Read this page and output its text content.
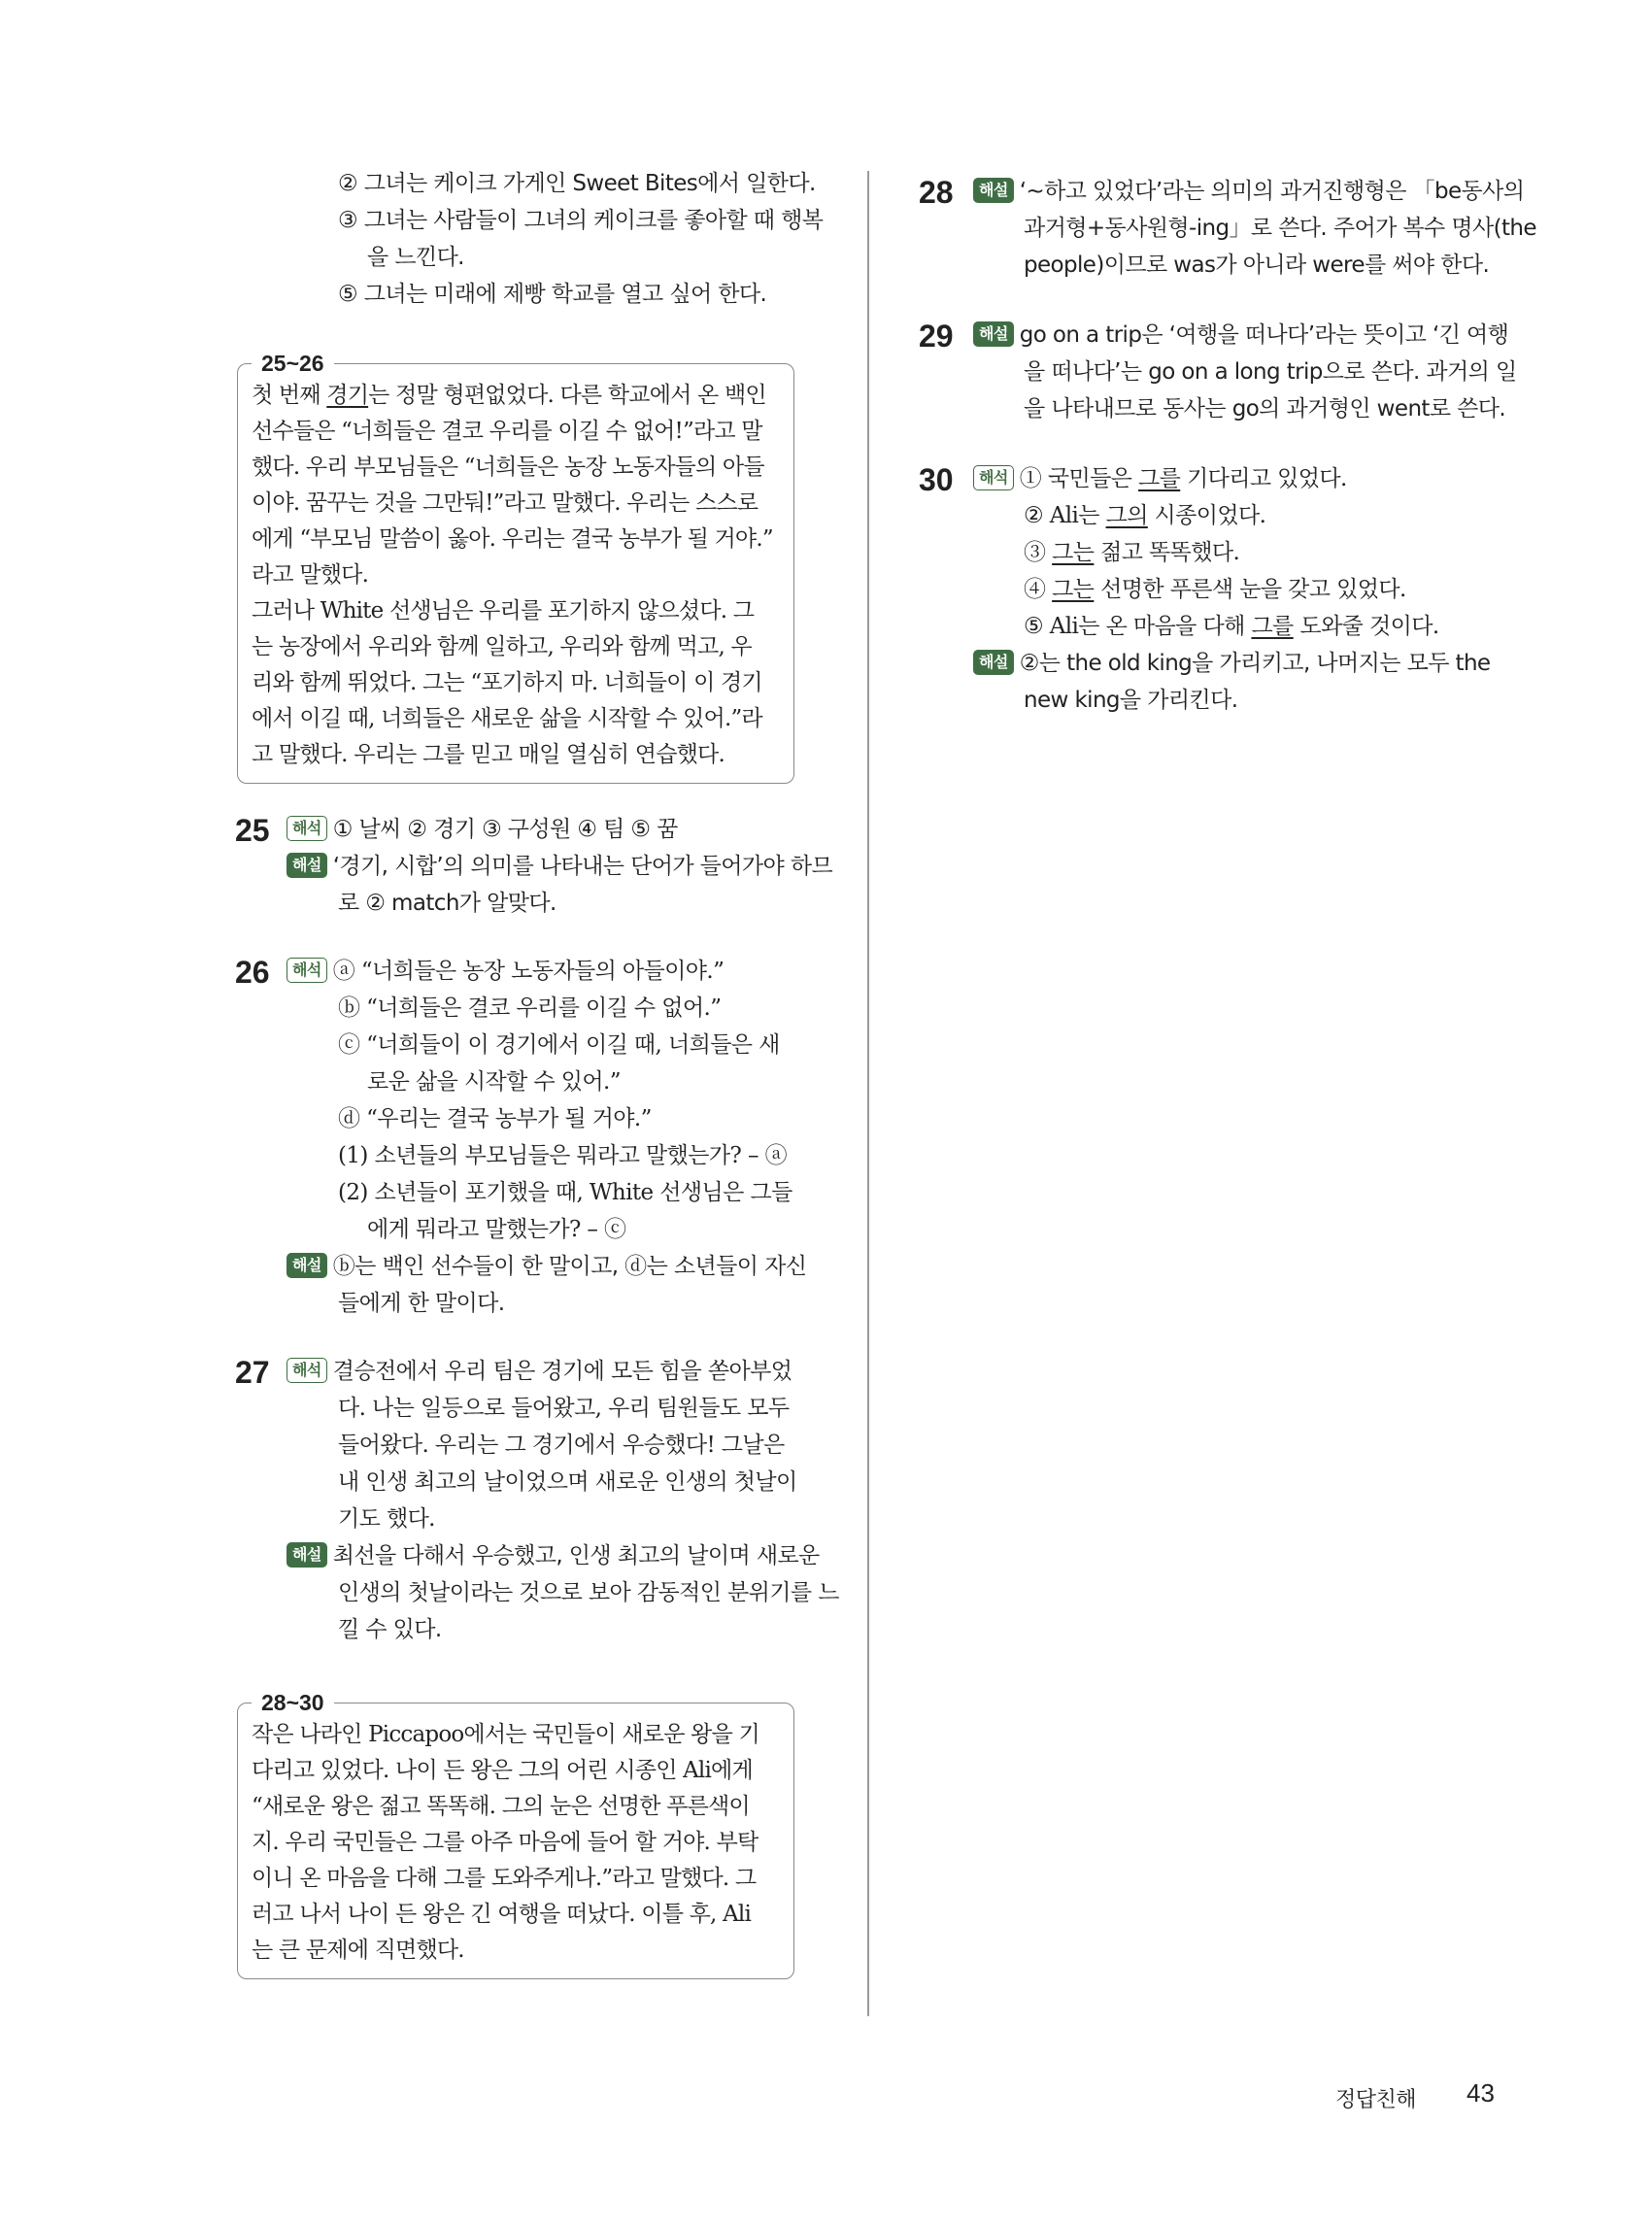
② 그녀는 케이크 가게인 Sweet Bites에서 일한다.
③ 그녀는 사람들이 그녀의 케이크를 좋아할 때 행복
을 느낀다.
⑤ 그녀는 미래에 제빵 학교를 열고 싶어 한다.
25~26
첫 번째 경기는 정말 형편없었다. 다른 학교에서 온 백인
선수들은 “너희들은 결코 우리를 이길 수 없어!”라고 말
했다. 우리 부모님들은 “너희들은 농장 노동자들의 아들
이야. 꿈꾸는 것을 그만둬!”라고 말했다. 우리는 스스로
에게 “부모님 말씀이 옳아. 우리는 결국 농부가 될 거야.”
라고 말했다.
그러나 White 선생님은 우리를 포기하지 않으셨다. 그
는 농장에서 우리와 함께 일하고, 우리와 함께 먹고, 우
리와 함께 뛰었다. 그는 “포기하지 마. 너희들이 이 경기
에서 이길 때, 너희들은 새로운 삶을 시작할 수 있어.”라
고 말했다. 우리는 그를 믿고 매일 열심히 연습했다.
25	해석 ① 날씨 ② 경기 ③ 구성원 ④ 팀 ⑤ 꿈
해설 ‘경기, 시합’의 의미를 나타내는 단어가 들어가야 하므
로 ② match가 알맞다.
26	해석 ⓐ “너희들은 농장 노동자들의 아들이야.”
ⓑ “너희들은 결코 우리를 이길 수 없어.”
ⓒ “너희들이 이 경기에서 이길 때, 너희들은 새
로운 삶을 시작할 수 있어.”
ⓓ “우리는 결국 농부가 될 거야.”
(1) 소년들의 부모님들은 뭐라고 말했는가? – ⓐ
(2) 소년들이 포기했을 때, White 선생님은 그들
에게 뭐라고 말했는가? – ⓒ
해설 ⓑ는 백인 선수들이 한 말이고, ⓓ는 소년들이 자신
들에게 한 말이다.
27	해석 결승전에서 우리 팀은 경기에 모든 힘을 쏟아부었
다. 나는 일등으로 들어왔고, 우리 팀원들도 모두
들어왔다. 우리는 그 경기에서 우승했다! 그날은
내 인생 최고의 날이었으며 새로운 인생의 첫날이
기도 했다.
해설 최선을 다해서 우승했고, 인생 최고의 날이며 새로운
인생의 첫날이라는 것으로 보아 감동적인 분위기를 느
낄 수 있다.
28~30
작은 나라인 Piccapoo에서는 국민들이 새로운 왕을 기
다리고 있었다. 나이 든 왕은 그의 어린 시종인 Ali에게
“새로운 왕은 젊고 똑똑해. 그의 눈은 선명한 푸른색이
지. 우리 국민들은 그를 아주 마음에 들어 할 거야. 부탁
이니 온 마음을 다해 그를 도와주게나.”라고 말했다. 그
러고 나서 나이 든 왕은 긴 여행을 떠났다. 이틀 후, Ali
는 큰 문제에 직면했다.
28	해설 ‘~하고 있었다’라는 의미의 과거진행형은 「be동사의
과거형+동사원형-ing」로 쓴다. 주어가 복수 명사(the
people)이므로 was가 아니라 were를 써야 한다.
29	해설 go on a trip은 ‘여행을 떠나다’라는 뜻이고 ‘긴 여행
을 떠나다’는 go on a long trip으로 쓴다. 과거의 일
을 나타내므로 동사는 go의 과거형인 went로 쓴다.
30	해석 ① 국민들은 그를 기다리고 있었다.
② Ali는 그의 시종이었다.
③ 그는 젊고 똑똑했다.
④ 그는 선명한 푸른색 눈을 갖고 있었다.
⑤ Ali는 온 마음을 다해 그를 도와줄 것이다.
해설 ②는 the old king을 가리키고, 나머지는 모두 the
new king을 가리킨다.
정답친해 43
